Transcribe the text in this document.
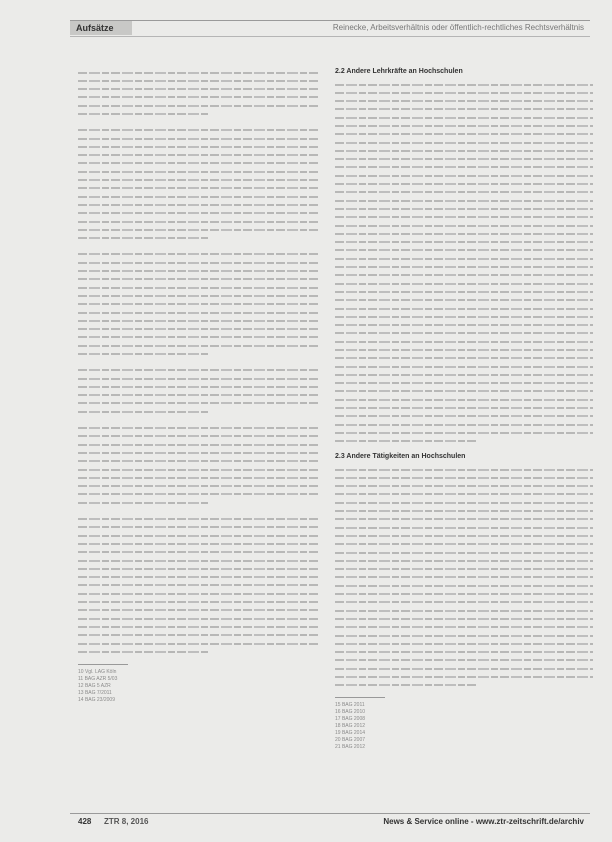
Aufsätze	Reinecke, Arbeitsverhältnis oder öffentlich-rechtliches Rechtsverhältnis
10 Vgl. LAG Köln
11 BAG AZR 5/03
12 BAG 5 AZR
13 BAG 7/2011
14 BAG 23/2009
2.2 Andere Lehrkräfte an Hochschulen
2.3 Andere Tätigkeiten an Hochschulen
15 BAG 2011
16 BAG 2010
17 BAG 2008
18 BAG 2012
19 BAG 2014
20 BAG 2007
21 BAG 2012
428 ZTR 8, 2016	News & Service online - www.ztr-zeitschrift.de/archiv
